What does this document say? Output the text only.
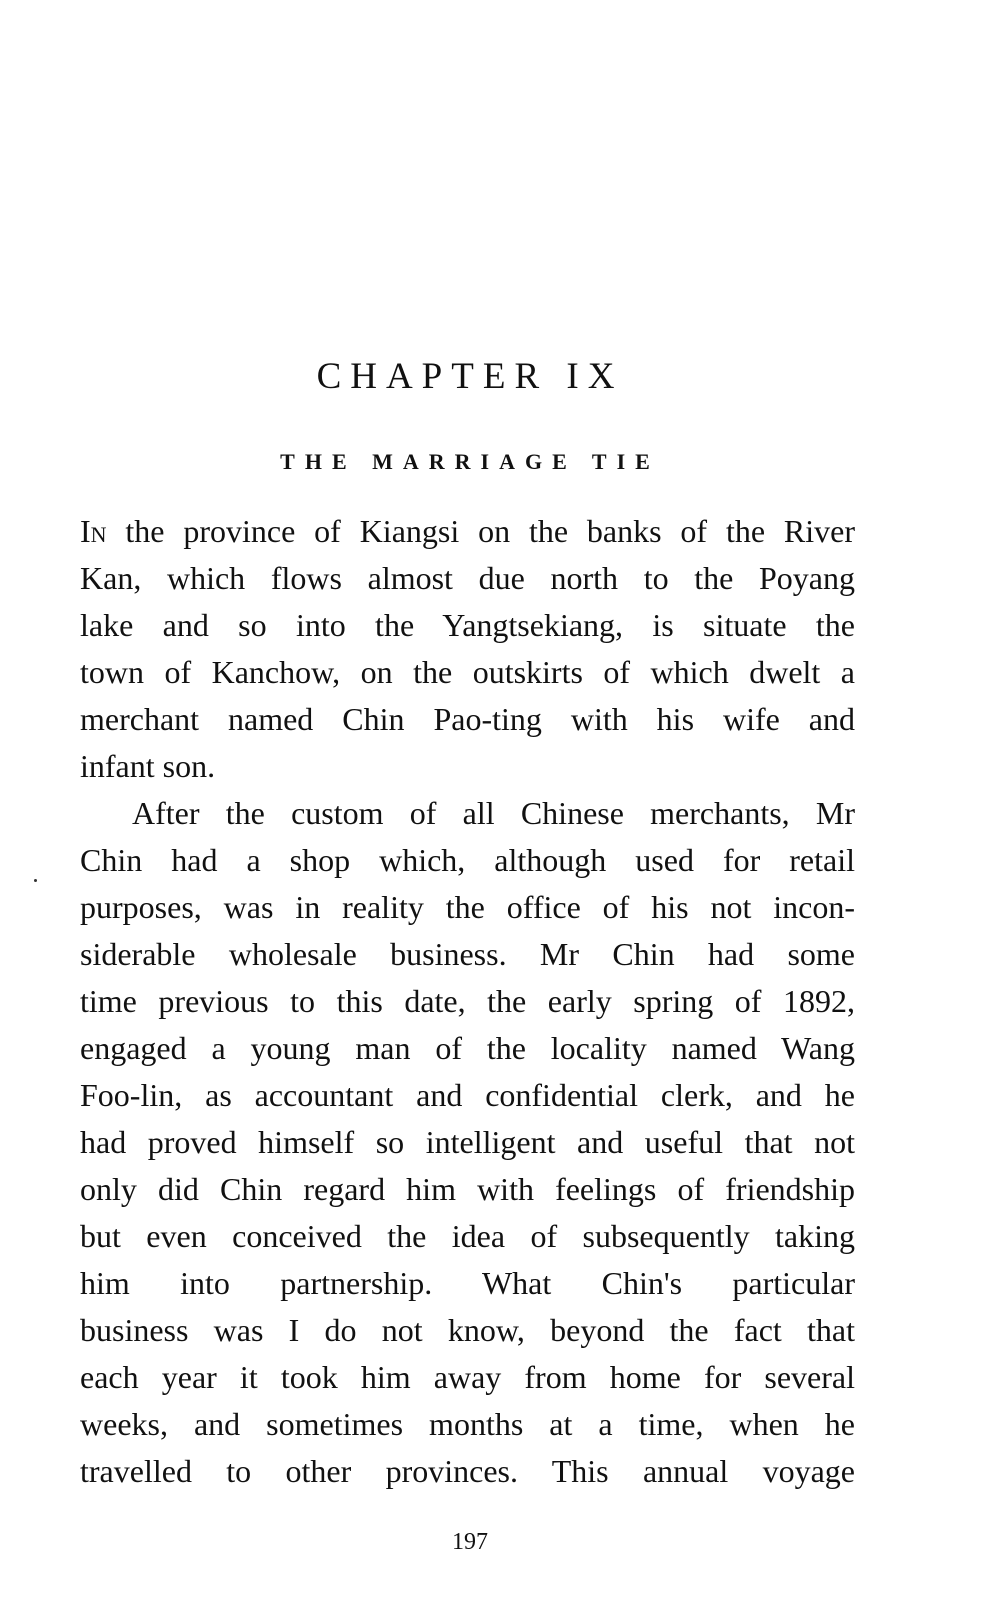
CHAPTER IX
THE MARRIAGE TIE
In the province of Kiangsi on the banks of the River
Kan, which flows almost due north to the Poyang
lake and so into the Yangtsekiang, is situate the
town of Kanchow, on the outskirts of which dwelt a
merchant named Chin Pao-ting with his wife and
infant son.
After the custom of all Chinese merchants, Mr
Chin had a shop which, although used for retail
purposes, was in reality the office of his not incon-
siderable wholesale business. Mr Chin had some
time previous to this date, the early spring of 1892,
engaged a young man of the locality named Wang
Foo-lin, as accountant and confidential clerk, and he
had proved himself so intelligent and useful that not
only did Chin regard him with feelings of friendship
but even conceived the idea of subsequently taking
him into partnership. What Chin's particular
business was I do not know, beyond the fact that
each year it took him away from home for several
weeks, and sometimes months at a time, when he
travelled to other provinces. This annual voyage
197
